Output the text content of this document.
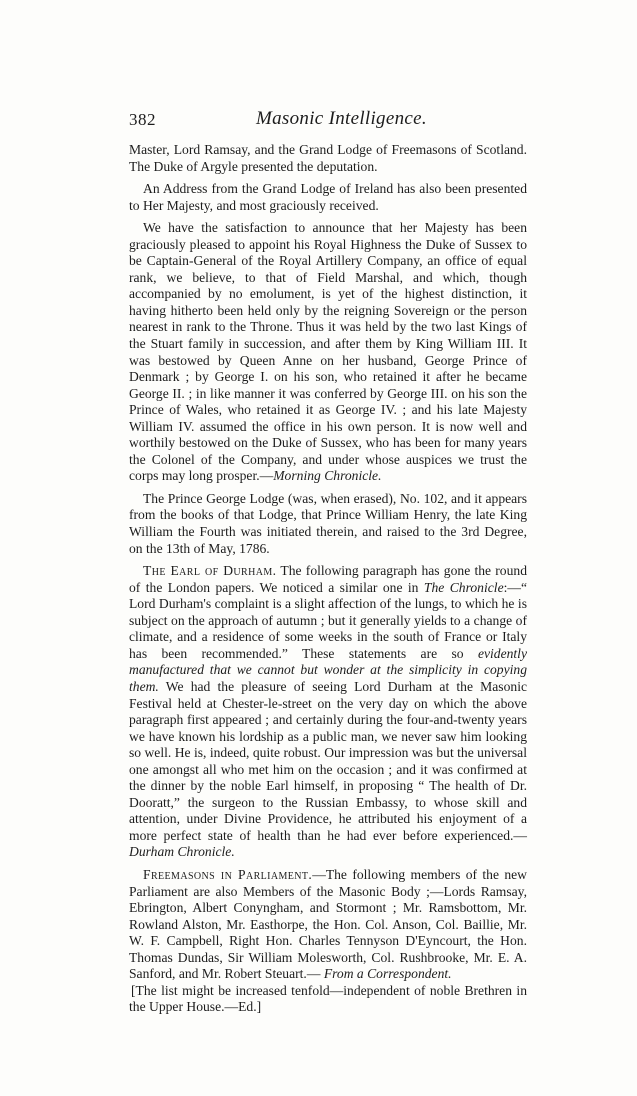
382	Masonic Intelligence.

Master, Lord Ramsay, and the Grand Lodge of Freemasons of Scotland. The Duke of Argyle presented the deputation.

An Address from the Grand Lodge of Ireland has also been presented to Her Majesty, and most graciously received.

We have the satisfaction to announce that her Majesty has been graciously pleased to appoint his Royal Highness the Duke of Sussex to be Captain-General of the Royal Artillery Company, an office of equal rank, we believe, to that of Field Marshal, and which, though accompanied by no emolument, is yet of the highest distinction, it having hitherto been held only by the reigning Sovereign or the person nearest in rank to the Throne. Thus it was held by the two last Kings of the Stuart family in succession, and after them by King William III. It was bestowed by Queen Anne on her husband, George Prince of Denmark ; by George I. on his son, who retained it after he became George II. ; in like manner it was conferred by George III. on his son the Prince of Wales, who retained it as George IV. ; and his late Majesty William IV. assumed the office in his own person. It is now well and worthily bestowed on the Duke of Sussex, who has been for many years the Colonel of the Company, and under whose auspices we trust the corps may long prosper.—Morning Chronicle.

The Prince George Lodge (was, when erased), No. 102, and it appears from the books of that Lodge, that Prince William Henry, the late King William the Fourth was initiated therein, and raised to the 3rd Degree, on the 13th of May, 1786.

The Earl of Durham. The following paragraph has gone the round of the London papers. We noticed a similar one in The Chronicle:—“ Lord Durham's complaint is a slight affection of the lungs, to which he is subject on the approach of autumn ; but it generally yields to a change of climate, and a residence of some weeks in the south of France or Italy has been recommended.” These statements are so evidently manufactured that we cannot but wonder at the simplicity in copying them. We had the pleasure of seeing Lord Durham at the Masonic Festival held at Chester-le-street on the very day on which the above paragraph first appeared ; and certainly during the four-and-twenty years we have known his lordship as a public man, we never saw him looking so well. He is, indeed, quite robust. Our impression was but the universal one amongst all who met him on the occasion ; and it was confirmed at the dinner by the noble Earl himself, in proposing “ The health of Dr. Dooratt,” the surgeon to the Russian Embassy, to whose skill and attention, under Divine Providence, he attributed his enjoyment of a more perfect state of health than he had ever before experienced.—Durham Chronicle.

Freemasons in Parliament.—The following members of the new Parliament are also Members of the Masonic Body ;—Lords Ramsay, Ebrington, Albert Conyngham, and Stormont ; Mr. Ramsbottom, Mr. Rowland Alston, Mr. Easthorpe, the Hon. Col. Anson, Col. Baillie, Mr. W. F. Campbell, Right Hon. Charles Tennyson D'Eyncourt, the Hon. Thomas Dundas, Sir William Molesworth, Col. Rushbrooke, Mr. E. A. Sanford, and Mr. Robert Steuart.— From a Correspondent.

[The list might be increased tenfold—independent of noble Brethren in the Upper House.—Ed.]
